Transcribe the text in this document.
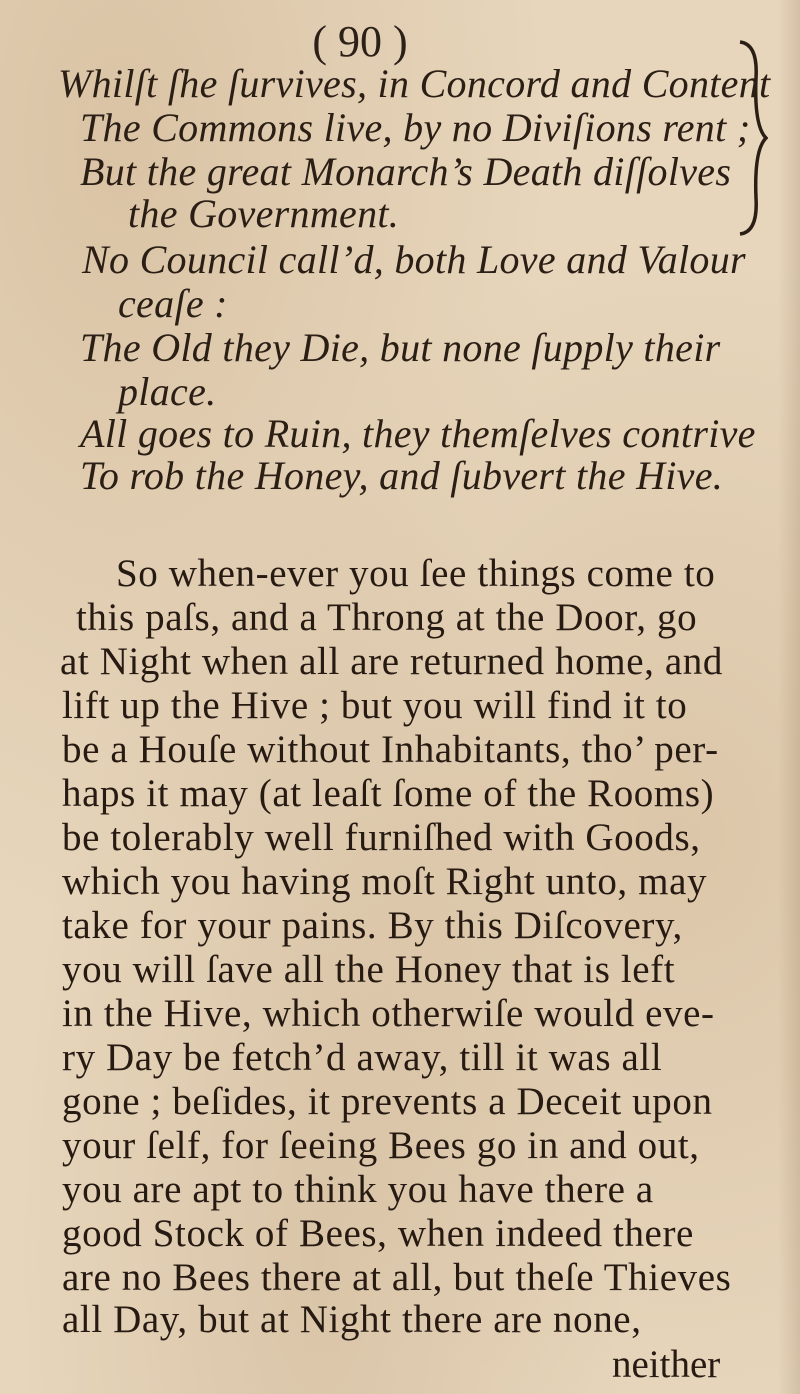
( 90 )
Whilſt ſhe ſurvives, in Concord and Content
The Commons live, by no Diviſions rent ;
But the great Monarch’s Death diſſolves
the Government.
No Council call’d, both Love and Valour
ceaſe :
The Old they Die, but none ſupply their
place.
All goes to Ruin, they themſelves contrive
To rob the Honey, and ſubvert the Hive.
So when-ever you ſee things come to
this paſs, and a Throng at the Door, go
at Night when all are returned home, and
lift up the Hive ; but you will find it to
be a Houſe without Inhabitants, tho’ per-
haps it may (at leaſt ſome of the Rooms)
be tolerably well furniſhed with Goods,
which you having moſt Right unto, may
take for your pains. By this Diſcovery,
you will ſave all the Honey that is left
in the Hive, which otherwiſe would eve-
ry Day be fetch’d away, till it was all
gone ; beſides, it prevents a Deceit upon
your ſelf, for ſeeing Bees go in and out,
you are apt to think you have there a
good Stock of Bees, when indeed there
are no Bees there at all, but theſe Thieves
all Day, but at Night there are none,
neither
